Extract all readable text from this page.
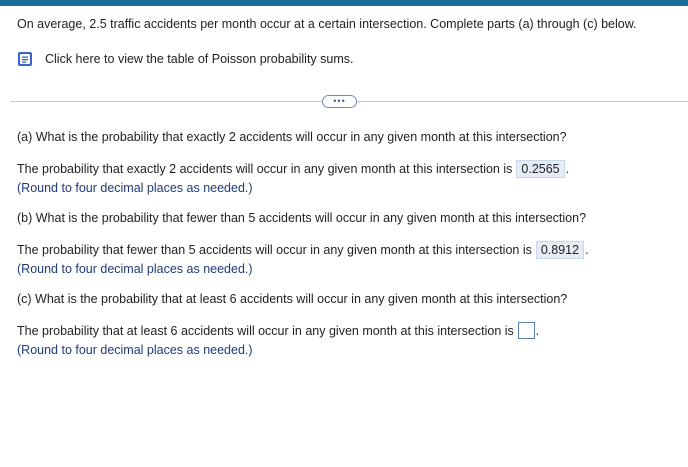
On average, 2.5 traffic accidents per month occur at a certain intersection. Complete parts (a) through (c) below.
Click here to view the table of Poisson probability sums.
•••
(a) What is the probability that exactly 2 accidents will occur in any given month at this intersection?
The probability that exactly 2 accidents will occur in any given month at this intersection is 0.2565 .
(Round to four decimal places as needed.)
(b) What is the probability that fewer than 5 accidents will occur in any given month at this intersection?
The probability that fewer than 5 accidents will occur in any given month at this intersection is 0.8912 .
(Round to four decimal places as needed.)
(c) What is the probability that at least 6 accidents will occur in any given month at this intersection?
The probability that at least 6 accidents will occur in any given month at this intersection is .
(Round to four decimal places as needed.)
